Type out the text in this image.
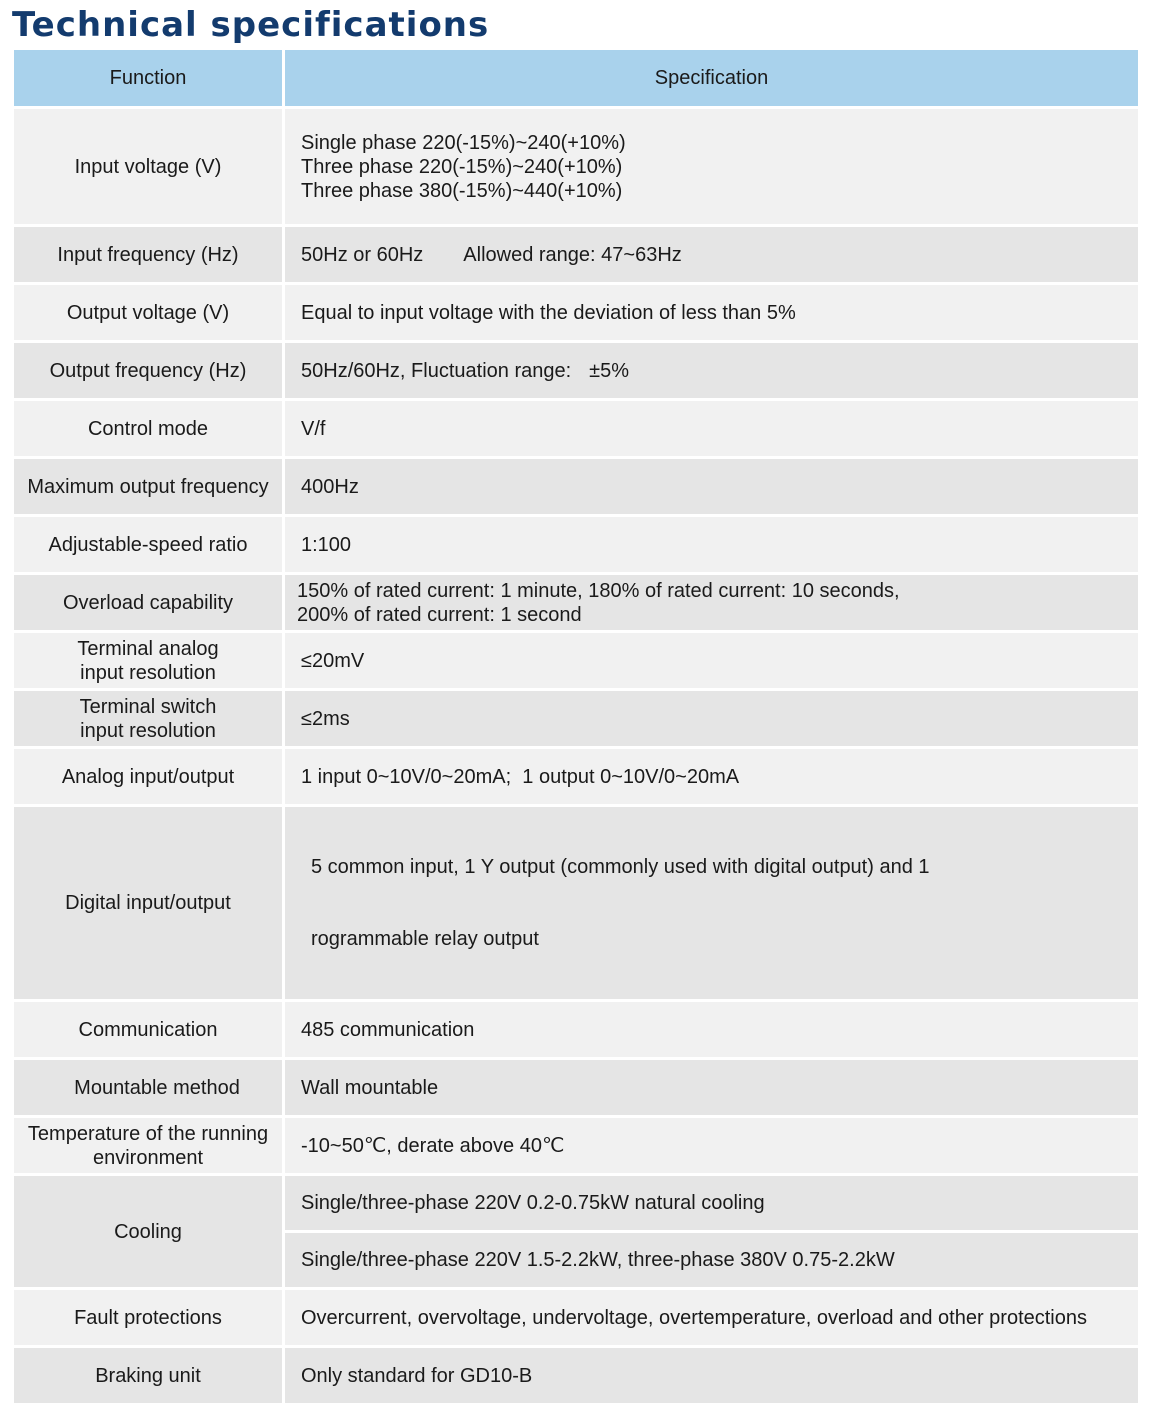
Technical specifications
Function	Specification
Input voltage (V)	Single phase 220(-15%)~240(+10%)
Three phase 220(-15%)~240(+10%)
Three phase 380(-15%)~440(+10%)

Input frequency (Hz)	50Hz or 60Hz Allowed range: 47~63Hz
Output voltage (V)	Equal to input voltage with the deviation of less than 5%
Output frequency (Hz)	50Hz/60Hz, Fluctuation range: ±5%
Control mode	V/f
Maximum output frequency	400Hz
Adjustable-speed ratio	1:100
Overload capability	150% of rated current: 1 minute, 180% of rated current: 10 seconds,
200% of rated current: 1 second

Terminal analog
input resolution	≤20mV

Terminal switch
input resolution	≤2ms
Analog input/output	1 input 0~10V/0~20mA;  1 output 0~10V/0~20mA
Digital input/output	5 common input, 1 Y output (commonly used with digital output) and 1

rogrammable relay output

Communication	485 communication
Mountable method	Wall mountable

Temperature of the running
environment	-10~50℃, derate above 40℃
Cooling	Single/three-phase 220V 0.2-0.75kW natural cooling
	Single/three-phase 220V 1.5-2.2kW, three-phase 380V 0.75-2.2kW
Fault protections	Overcurrent, overvoltage, undervoltage, overtemperature, overload and other protections
Braking unit	Only standard for GD10-B
